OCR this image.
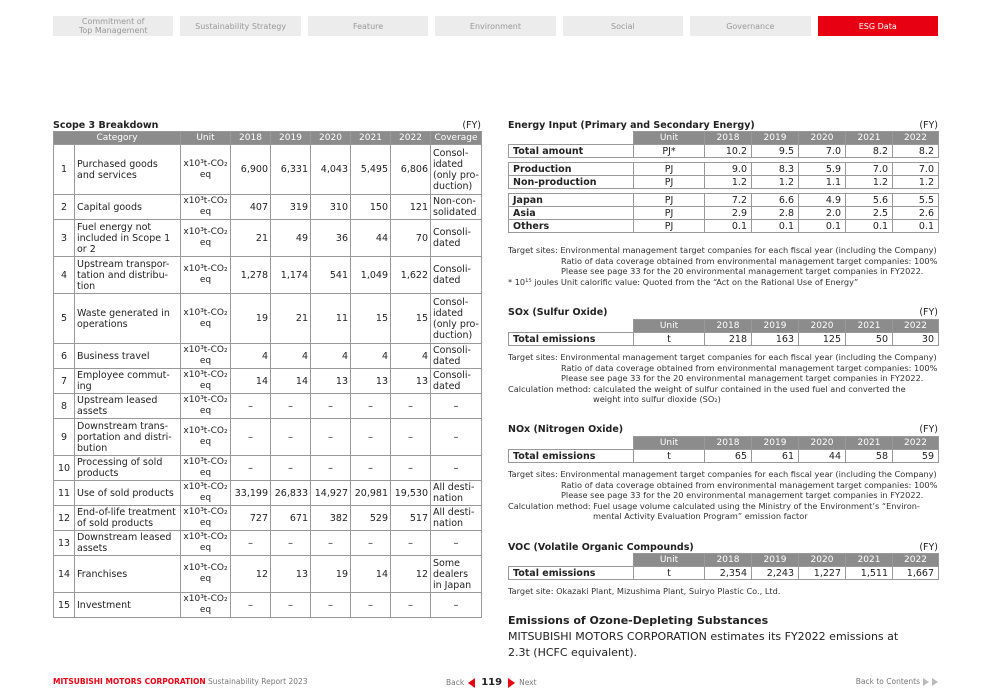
Commitment of
Top Management	Sustainability Strategy	Feature	Environment	Social	Governance	ESG Data
Scope 3 Breakdown	(FY)
Category		Unit	2018	2019	2020	2021	2022	Coverage
1	Purchased goods and services	x10³t-CO₂ eq	6,900	6,331	4,043	5,495	6,806	Consol-idated (only pro-duction)
2	Capital goods	x10³t-CO₂ eq	407	319	310	150	121	Non-con-solidated
3	Fuel energy not included in Scope 1 or 2	x10³t-CO₂ eq	21	49	36	44	70	Consoli-dated
4	Upstream transpor-tation and distribu-tion	x10³t-CO₂ eq	1,278	1,174	541	1,049	1,622	Consoli-dated
5	Waste generated in operations	x10³t-CO₂ eq	19	21	11	15	15	Consol-idated (only pro-duction)
6	Business travel	x10³t-CO₂ eq	4	4	4	4	4	Consoli-dated
7	Employee commut-ing	x10³t-CO₂ eq	14	14	13	13	13	Consoli-dated
8	Upstream leased assets	x10³t-CO₂ eq	–	–	–	–	–	–
9	Downstream trans-portation and distri-bution	x10³t-CO₂ eq	–	–	–	–	–	–
10	Processing of sold products	x10³t-CO₂ eq	–	–	–	–	–	–
11	Use of sold products	x10³t-CO₂ eq	33,199	26,833	14,927	20,981	19,530	All desti-nation
12	End-of-life treatment of sold products	x10³t-CO₂ eq	727	671	382	529	517	All desti-nation
13	Downstream leased assets	x10³t-CO₂ eq	–	–	–	–	–	–
14	Franchises	x10³t-CO₂ eq	12	13	19	14	12	Some dealers in Japan
15	Investment	x10³t-CO₂ eq	–	–	–	–	–	–
Energy Input (Primary and Secondary Energy)	(FY)
	Unit	2018	2019	2020	2021	2022
Total amount	PJ*	10.2	9.5	7.0	8.2	8.2

Production	PJ	9.0	8.3	5.9	7.0	7.0
Non-production	PJ	1.2	1.2	1.1	1.2	1.2

Japan	PJ	7.2	6.6	4.9	5.6	5.5
Asia	PJ	2.9	2.8	2.0	2.5	2.6
Others	PJ	0.1	0.1	0.1	0.1	0.1
Target sites: Environmental management target companies for each fiscal year (including the Company)
Ratio of data coverage obtained from environmental management target companies: 100%
Please see page 33 for the 20 environmental management target companies in FY2022.
* 10¹⁵ joules Unit calorific value: Quoted from the “Act on the Rational Use of Energy”
SOx (Sulfur Oxide)	(FY)
	Unit	2018	2019	2020	2021	2022
Total emissions	t	218	163	125	50	30
Target sites: Environmental management target companies for each fiscal year (including the Company)
Ratio of data coverage obtained from environmental management target companies: 100%
Please see page 33 for the 20 environmental management target companies in FY2022.
Calculation method: calculated the weight of sulfur contained in the used fuel and converted the
weight into sulfur dioxide (SO₂)
NOx (Nitrogen Oxide)	(FY)
	Unit	2018	2019	2020	2021	2022
Total emissions	t	65	61	44	58	59
Target sites: Environmental management target companies for each fiscal year (including the Company)
Ratio of data coverage obtained from environmental management target companies: 100%
Please see page 33 for the 20 environmental management target companies in FY2022.
Calculation method: Fuel usage volume calculated using the Ministry of the Environment’s “Environ-
mental Activity Evaluation Program” emission factor
VOC (Volatile Organic Compounds)	(FY)
	Unit	2018	2019	2020	2021	2022
Total emissions	t	2,354	2,243	1,227	1,511	1,667
Target site: Okazaki Plant, Mizushima Plant, Suiryo Plastic Co., Ltd.
Emissions of Ozone-Depleting Substances
MITSUBISHI MOTORS CORPORATION estimates its FY2022 emissions at 2.3t (HCFC equivalent).
MITSUBISHI MOTORS CORPORATION Sustainability Report 2023	Back 119 Next	Back to Contents
